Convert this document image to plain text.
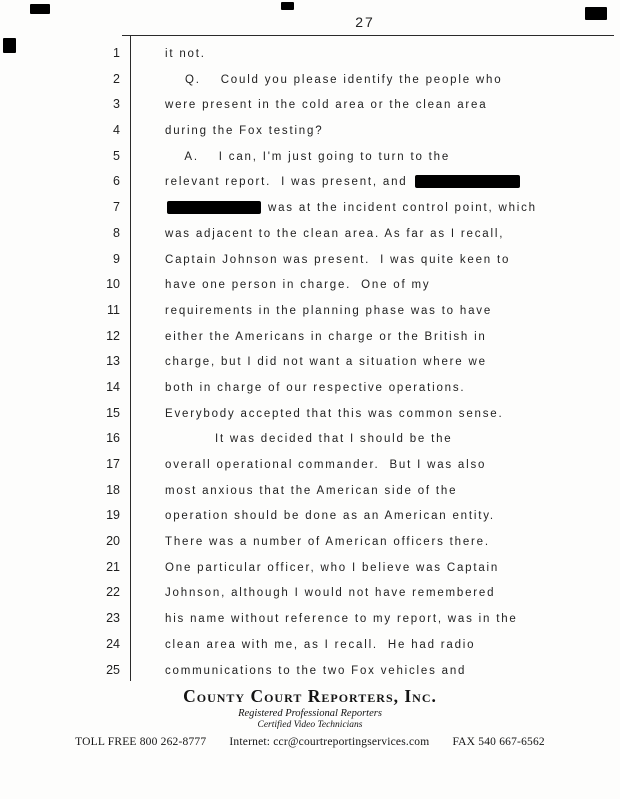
27
1	it not.
2	Q.    Could you please identify the people who
3	were present in the cold area or the clean area
4	during the Fox testing?
5	A.    I can, I'm just going to turn to the
6	relevant report.  I was present, and
7	was at the incident control point, which
8	was adjacent to the clean area. As far as I recall,
9	Captain Johnson was present.  I was quite keen to
10	have one person in charge.  One of my
11	requirements in the planning phase was to have
12	either the Americans in charge or the British in
13	charge, but I did not want a situation where we
14	both in charge of our respective operations.
15	Everybody accepted that this was common sense.
16	It was decided that I should be the
17	overall operational commander.  But I was also
18	most anxious that the American side of the
19	operation should be done as an American entity.
20	There was a number of American officers there.
21	One particular officer, who I believe was Captain
22	Johnson, although I would not have remembered
23	his name without reference to my report, was in the
24	clean area with me, as I recall.  He had radio
25	communications to the two Fox vehicles and
County Court Reporters, Inc.
Registered Professional Reporters
Certified Video Technicians
TOLL FREE 800 262-8777 Internet: ccr@courtreportingservices.com FAX 540 667-6562
